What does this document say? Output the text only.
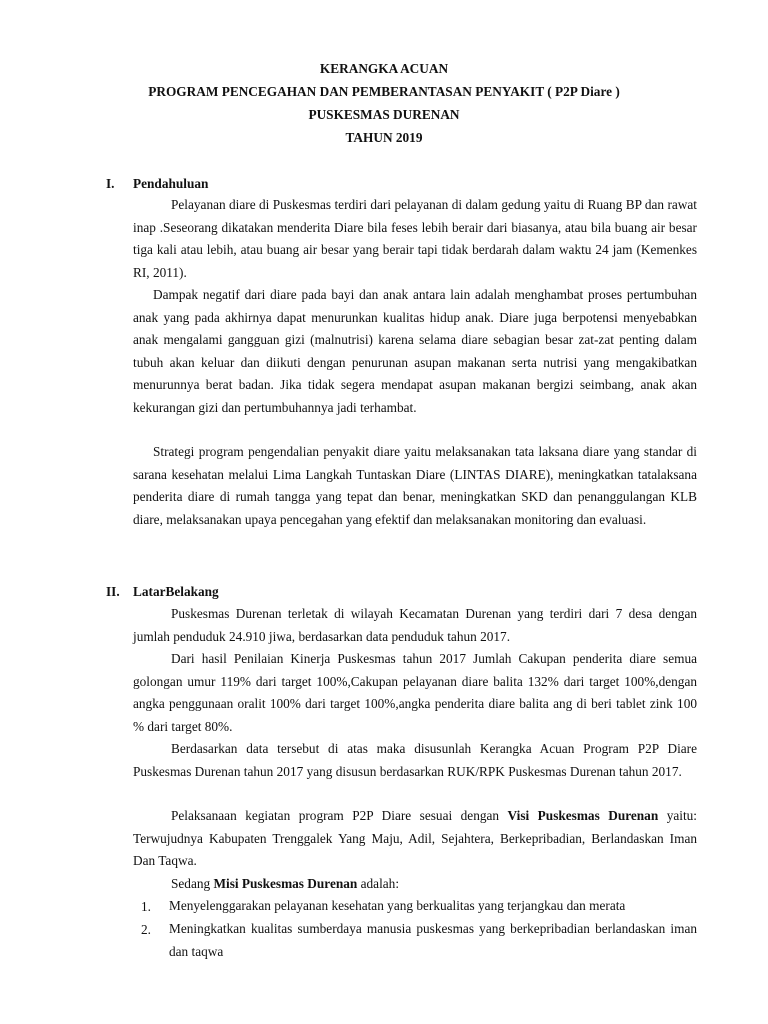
KERANGKA ACUAN
PROGRAM PENCEGAHAN DAN PEMBERANTASAN PENYAKIT ( P2P Diare )
PUSKESMAS DURENAN
TAHUN 2019
I. Pendahuluan

Pelayanan diare di Puskesmas terdiri dari pelayanan di dalam gedung yaitu di Ruang BP dan rawat inap .Seseorang dikatakan menderita Diare bila feses lebih berair dari biasanya, atau bila buang air besar tiga kali atau lebih, atau buang air besar yang berair tapi tidak berdarah dalam waktu 24 jam (Kemenkes RI, 2011).

Dampak negatif dari diare pada bayi dan anak antara lain adalah menghambat proses pertumbuhan anak yang pada akhirnya dapat menurunkan kualitas hidup anak. Diare juga berpotensi menyebabkan anak mengalami gangguan gizi (malnutrisi) karena selama diare sebagian besar zat-zat penting dalam tubuh akan keluar dan diikuti dengan penurunan asupan makanan serta nutrisi yang mengakibatkan menurunnya berat badan. Jika tidak segera mendapat asupan makanan bergizi seimbang, anak akan kekurangan gizi dan pertumbuhannya jadi terhambat.

Strategi program pengendalian penyakit diare yaitu melaksanakan tata laksana diare yang standar di sarana kesehatan melalui Lima Langkah Tuntaskan Diare (LINTAS DIARE), meningkatkan tatalaksana penderita diare di rumah tangga yang tepat dan benar, meningkatkan SKD dan penanggulangan KLB diare, melaksanakan upaya pencegahan yang efektif dan melaksanakan monitoring dan evaluasi.

II. LatarBelakang

Puskesmas Durenan terletak di wilayah Kecamatan Durenan yang terdiri dari 7 desa dengan jumlah penduduk 24.910 jiwa, berdasarkan data penduduk tahun 2017.

Dari hasil Penilaian Kinerja Puskesmas tahun 2017 Jumlah Cakupan penderita diare semua golongan umur 119% dari target 100%,Cakupan pelayanan diare balita 132% dari target 100%,dengan angka penggunaan oralit 100% dari target 100%,angka penderita diare balita ang di beri tablet zink 100 % dari target 80%.

Berdasarkan data tersebut di atas maka disusunlah Kerangka Acuan Program P2P Diare Puskesmas Durenan tahun 2017 yang disusun berdasarkan RUK/RPK Puskesmas Durenan tahun 2017.

Pelaksanaan kegiatan program P2P Diare sesuai dengan Visi Puskesmas Durenan yaitu: Terwujudnya Kabupaten Trenggalek Yang Maju, Adil, Sejahtera, Berkepribadian, Berlandaskan Iman Dan Taqwa.

Sedang Misi Puskesmas Durenan adalah:

1. Menyelenggarakan pelayanan kesehatan yang berkualitas yang terjangkau dan merata

2. Meningkatkan kualitas sumberdaya manusia puskesmas yang berkepribadian berlandaskan iman dan taqwa
